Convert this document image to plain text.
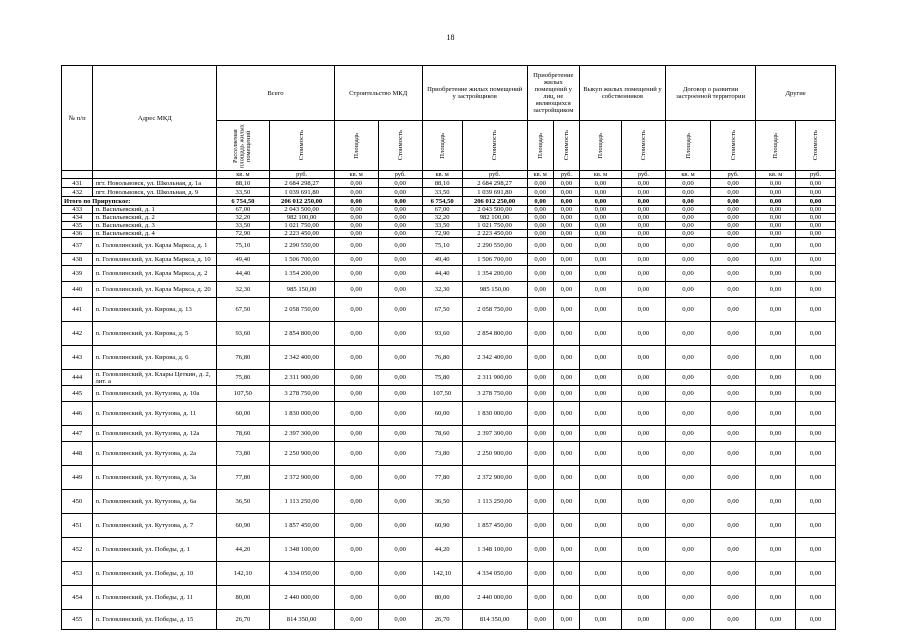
18
№ п/п	Адрес МКД	Всего		Строительство МКД		Приобретение жилых помещений у застройщиков		Приобретение жилых помещений у лиц, не являющихся застройщиком		Выкуп жилых помещений у собственников		Договор о развитии застроенной территории		Другие	

		Расселяемая площадь жилых помещений	Стоимость	Площадь	Стоимость	Площадь	Стоимость	Площадь	Стоимость	Площадь	Стоимость	Площадь	Стоимость	Площадь	Стоимость

		кв. м	руб.	кв. м	руб.	кв. м	руб.	кв. м	руб.	кв. м	руб.	кв. м	руб.	кв. м	руб.
431	пгт. Новольвовск, ул. Школьная, д. 1а	88,10	2 684 298,27	0,00	0,00	88,10	2 684 298,27	0,00	0,00	0,00	0,00	0,00	0,00	0,00	0,00
432	пгт. Новольвовск, ул. Школьная, д. 9	33,50	1 039 691,80	0,00	0,00	33,50	1 039 691,80	0,00	0,00	0,00	0,00	0,00	0,00	0,00	0,00
Итого по Прирупское:		6 754,50	206 012 250,00	0,00	0,00	6 754,50	206 012 250,00	0,00	0,00	0,00	0,00	0,00	0,00	0,00	0,00
433	п. Васильевский, д. 1	67,00	2 043 500,00	0,00	0,00	67,00	2 043 500,00	0,00	0,00	0,00	0,00	0,00	0,00	0,00	0,00
434	п. Васильевский, д. 2	32,20	982 100,00	0,00	0,00	32,20	982 100,00	0,00	0,00	0,00	0,00	0,00	0,00	0,00	0,00
435	п. Васильевский, д. 3	33,50	1 021 750,00	0,00	0,00	33,50	1 021 750,00	0,00	0,00	0,00	0,00	0,00	0,00	0,00	0,00
436	п. Васильевский, д. 4	72,90	2 223 450,00	0,00	0,00	72,90	2 223 450,00	0,00	0,00	0,00	0,00	0,00	0,00	0,00	0,00
437	п. Головлинский, ул. Карла Маркса, д. 1	75,10	2 290 550,00	0,00	0,00	75,10	2 290 550,00	0,00	0,00	0,00	0,00	0,00	0,00	0,00	0,00
438	п. Головлинский, ул. Карла Маркса, д. 10	49,40	1 506 700,00	0,00	0,00	49,40	1 506 700,00	0,00	0,00	0,00	0,00	0,00	0,00	0,00	0,00
439	п. Головлинский, ул. Карла Маркса, д. 2	44,40	1 354 200,00	0,00	0,00	44,40	1 354 200,00	0,00	0,00	0,00	0,00	0,00	0,00	0,00	0,00
440	п. Головлинский, ул. Карла Маркса, д. 20	32,30	985 150,00	0,00	0,00	32,30	985 150,00	0,00	0,00	0,00	0,00	0,00	0,00	0,00	0,00
441	п. Головлинский, ул. Кирова, д. 13	67,50	2 058 750,00	0,00	0,00	67,50	2 058 750,00	0,00	0,00	0,00	0,00	0,00	0,00	0,00	0,00
442	п. Головлинский, ул. Кирова, д. 5	93,60	2 854 800,00	0,00	0,00	93,60	2 854 800,00	0,00	0,00	0,00	0,00	0,00	0,00	0,00	0,00
443	п. Головлинский, ул. Кирова, д. 6	76,80	2 342 400,00	0,00	0,00	76,80	2 342 400,00	0,00	0,00	0,00	0,00	0,00	0,00	0,00	0,00
444	п. Головлинский, ул. Клары Цеткин, д. 2, лит. а	75,80	2 311 900,00	0,00	0,00	75,80	2 311 900,00	0,00	0,00	0,00	0,00	0,00	0,00	0,00	0,00
445	п. Головлинский, ул. Кутузова, д. 10а	107,50	3 278 750,00	0,00	0,00	107,50	3 278 750,00	0,00	0,00	0,00	0,00	0,00	0,00	0,00	0,00
446	п. Головлинский, ул. Кутузова, д. 11	60,00	1 830 000,00	0,00	0,00	60,00	1 830 000,00	0,00	0,00	0,00	0,00	0,00	0,00	0,00	0,00
447	п. Головлинский, ул. Кутузова, д. 12а	78,60	2 397 300,00	0,00	0,00	78,60	2 397 300,00	0,00	0,00	0,00	0,00	0,00	0,00	0,00	0,00
448	п. Головлинский, ул. Кутузова, д. 2а	73,80	2 250 900,00	0,00	0,00	73,80	2 250 900,00	0,00	0,00	0,00	0,00	0,00	0,00	0,00	0,00
449	п. Головлинский, ул. Кутузова, д. 3а	77,80	2 372 900,00	0,00	0,00	77,80	2 372 900,00	0,00	0,00	0,00	0,00	0,00	0,00	0,00	0,00
450	п. Головлинский, ул. Кутузова, д. 6а	36,50	1 113 250,00	0,00	0,00	36,50	1 113 250,00	0,00	0,00	0,00	0,00	0,00	0,00	0,00	0,00
451	п. Головлинский, ул. Кутузова, д. 7	60,90	1 857 450,00	0,00	0,00	60,90	1 857 450,00	0,00	0,00	0,00	0,00	0,00	0,00	0,00	0,00
452	п. Головлинский, ул. Победы, д. 1	44,20	1 348 100,00	0,00	0,00	44,20	1 348 100,00	0,00	0,00	0,00	0,00	0,00	0,00	0,00	0,00
453	п. Головлинский, ул. Победы, д. 10	142,10	4 334 050,00	0,00	0,00	142,10	4 334 050,00	0,00	0,00	0,00	0,00	0,00	0,00	0,00	0,00
454	п. Головлинский, ул. Победы, д. 11	80,00	2 440 000,00	0,00	0,00	80,00	2 440 000,00	0,00	0,00	0,00	0,00	0,00	0,00	0,00	0,00
455	п. Головлинский, ул. Победы, д. 15	26,70	814 350,00	0,00	0,00	26,70	814 350,00	0,00	0,00	0,00	0,00	0,00	0,00	0,00	0,00
